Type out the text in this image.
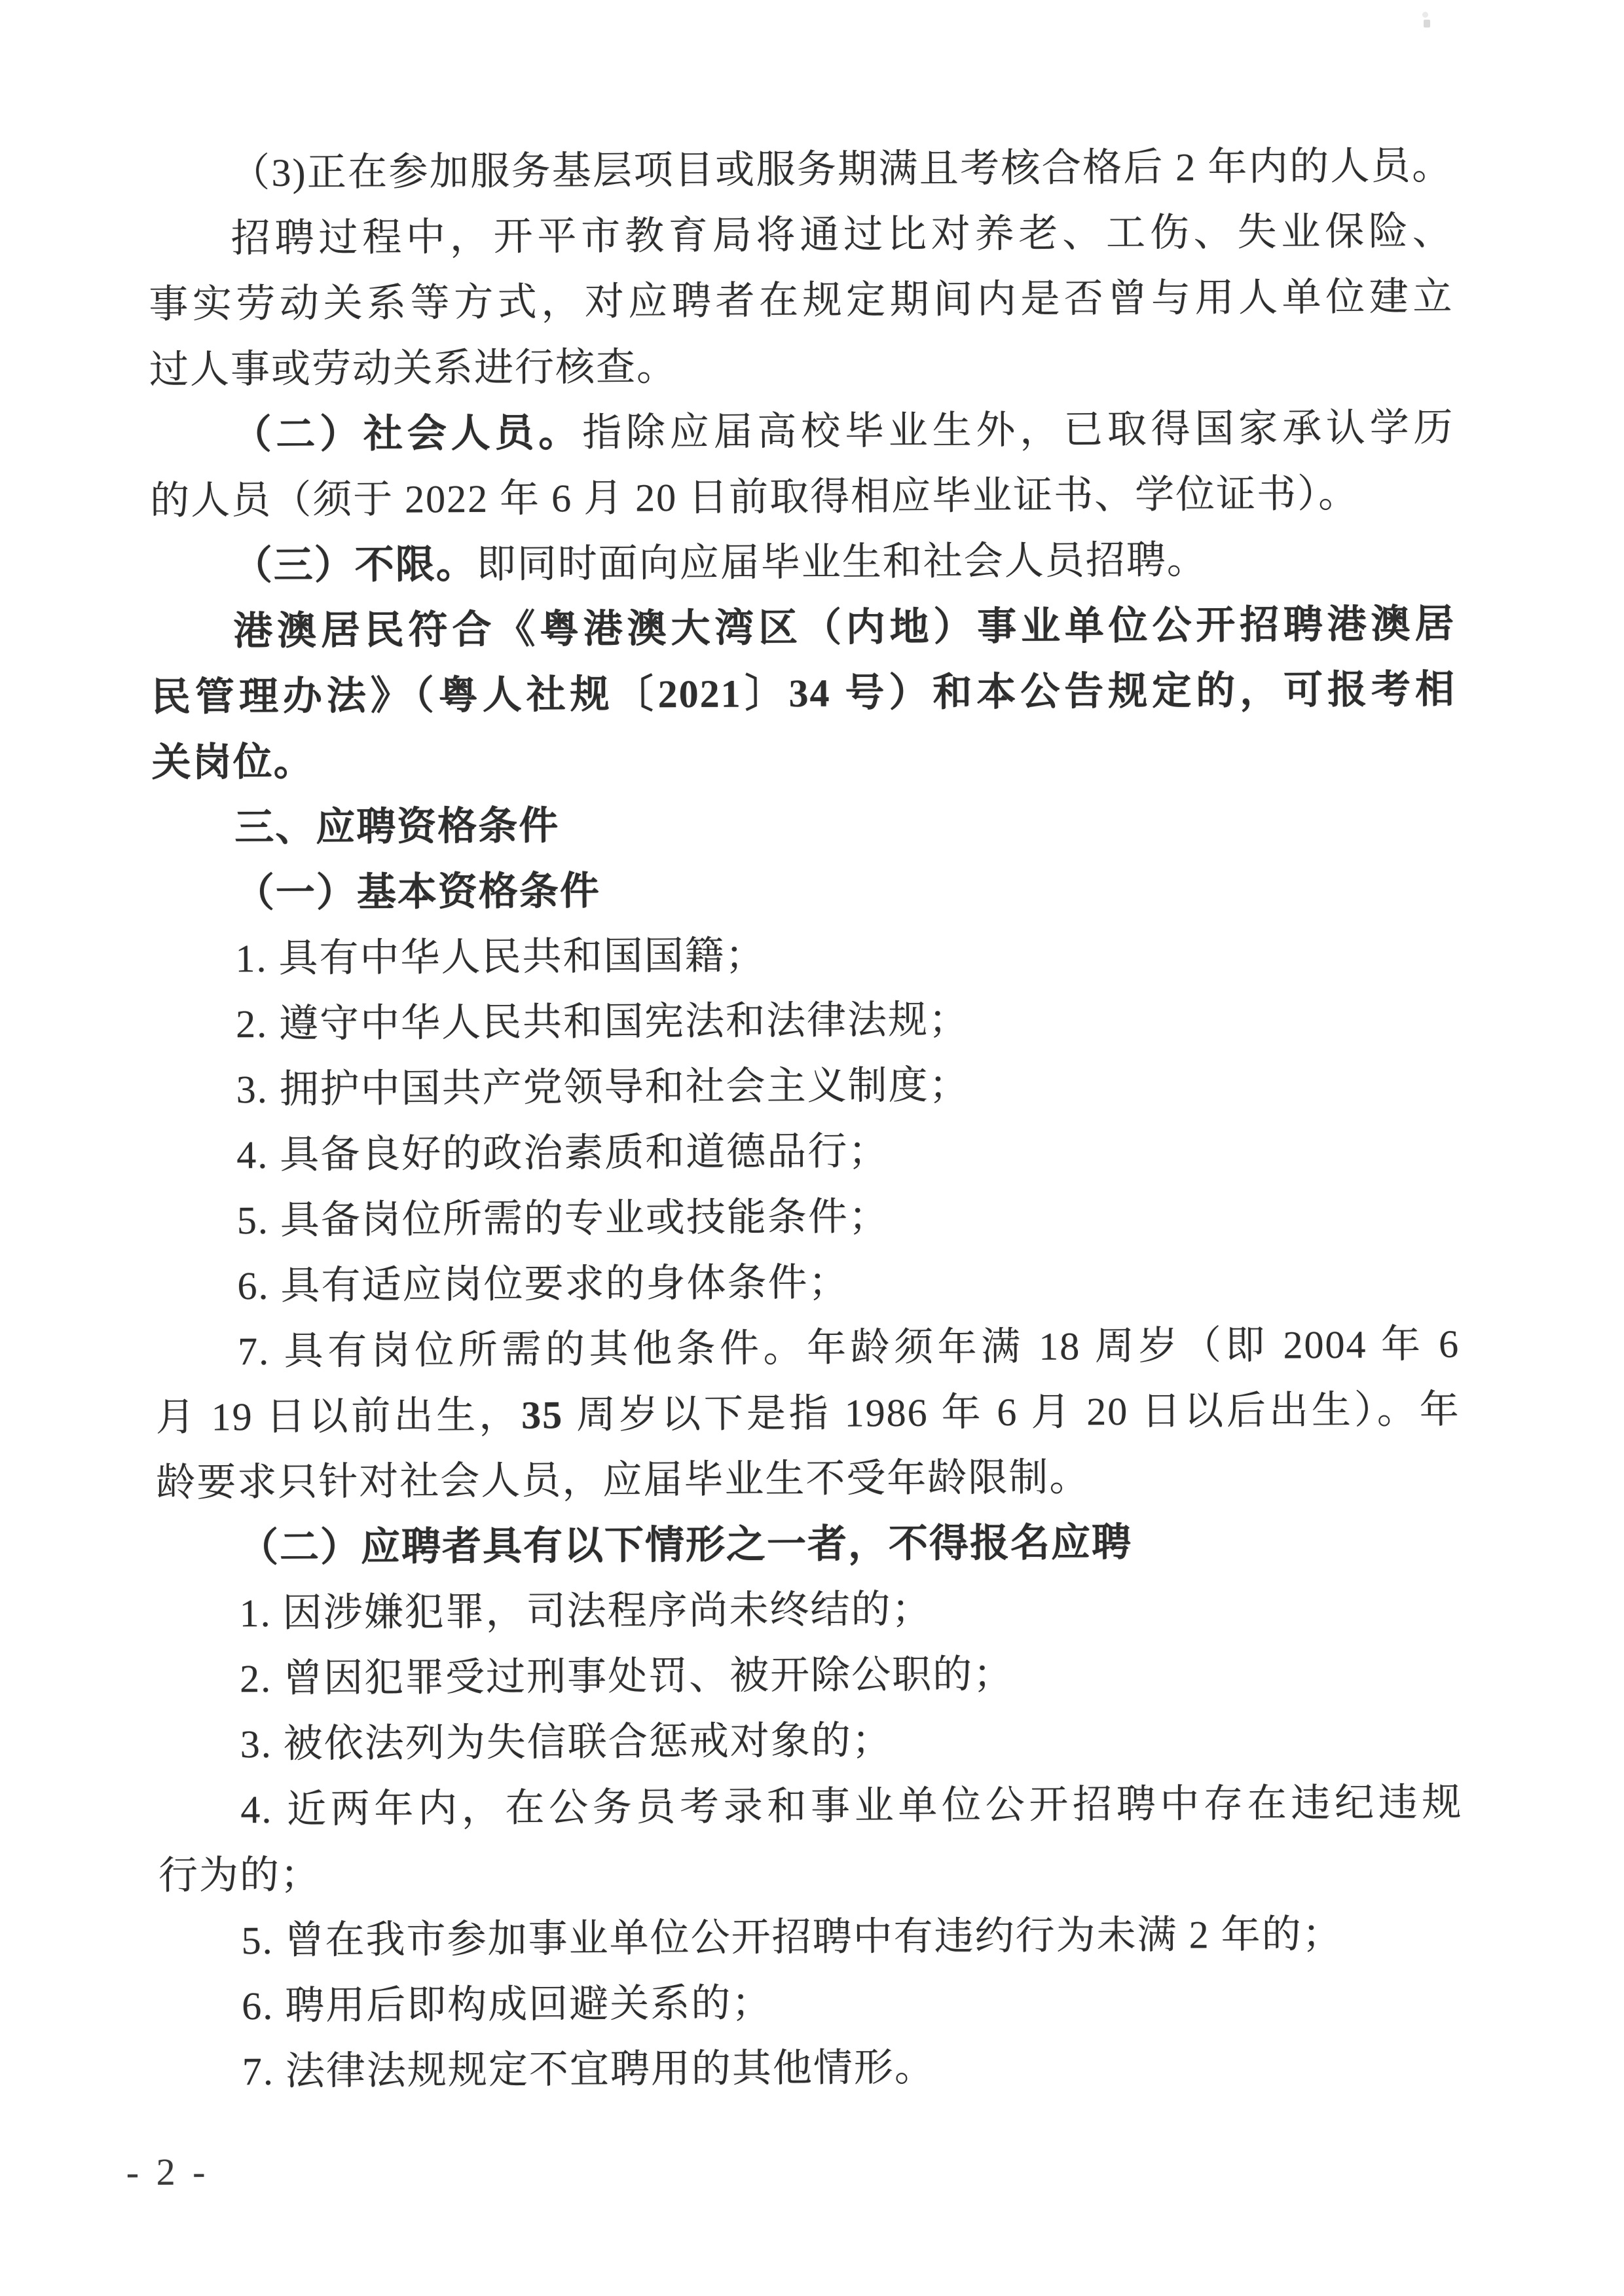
（3)正在参加服务基层项目或服务期满且考核合格后 2 年内的人员。
招聘过程中，开平市教育局将通过比对养老、工伤、失业保险、
事实劳动关系等方式，对应聘者在规定期间内是否曾与用人单位建立
过人事或劳动关系进行核查。
（二）社会人员。指除应届高校毕业生外，已取得国家承认学历
的人员（须于 2022 年 6 月 20 日前取得相应毕业证书、学位证书）。
（三）不限。即同时面向应届毕业生和社会人员招聘。
港澳居民符合《粤港澳大湾区（内地）事业单位公开招聘港澳居
民管理办法》（粤人社规〔2021〕34 号）和本公告规定的，可报考相
关岗位。
三、应聘资格条件
（一）基本资格条件
1. 具有中华人民共和国国籍；
2. 遵守中华人民共和国宪法和法律法规；
3. 拥护中国共产党领导和社会主义制度；
4. 具备良好的政治素质和道德品行；
5. 具备岗位所需的专业或技能条件；
6. 具有适应岗位要求的身体条件；
7. 具有岗位所需的其他条件。年龄须年满 18 周岁（即 2004 年 6
月 19 日以前出生，35 周岁以下是指 1986 年 6 月 20 日以后出生）。年
龄要求只针对社会人员，应届毕业生不受年龄限制。
（二）应聘者具有以下情形之一者，不得报名应聘
1. 因涉嫌犯罪，司法程序尚未终结的；
2. 曾因犯罪受过刑事处罚、被开除公职的；
3. 被依法列为失信联合惩戒对象的；
4. 近两年内，在公务员考录和事业单位公开招聘中存在违纪违规
行为的；
5. 曾在我市参加事业单位公开招聘中有违约行为未满 2 年的；
6. 聘用后即构成回避关系的；
7. 法律法规规定不宜聘用的其他情形。
- 2 -
